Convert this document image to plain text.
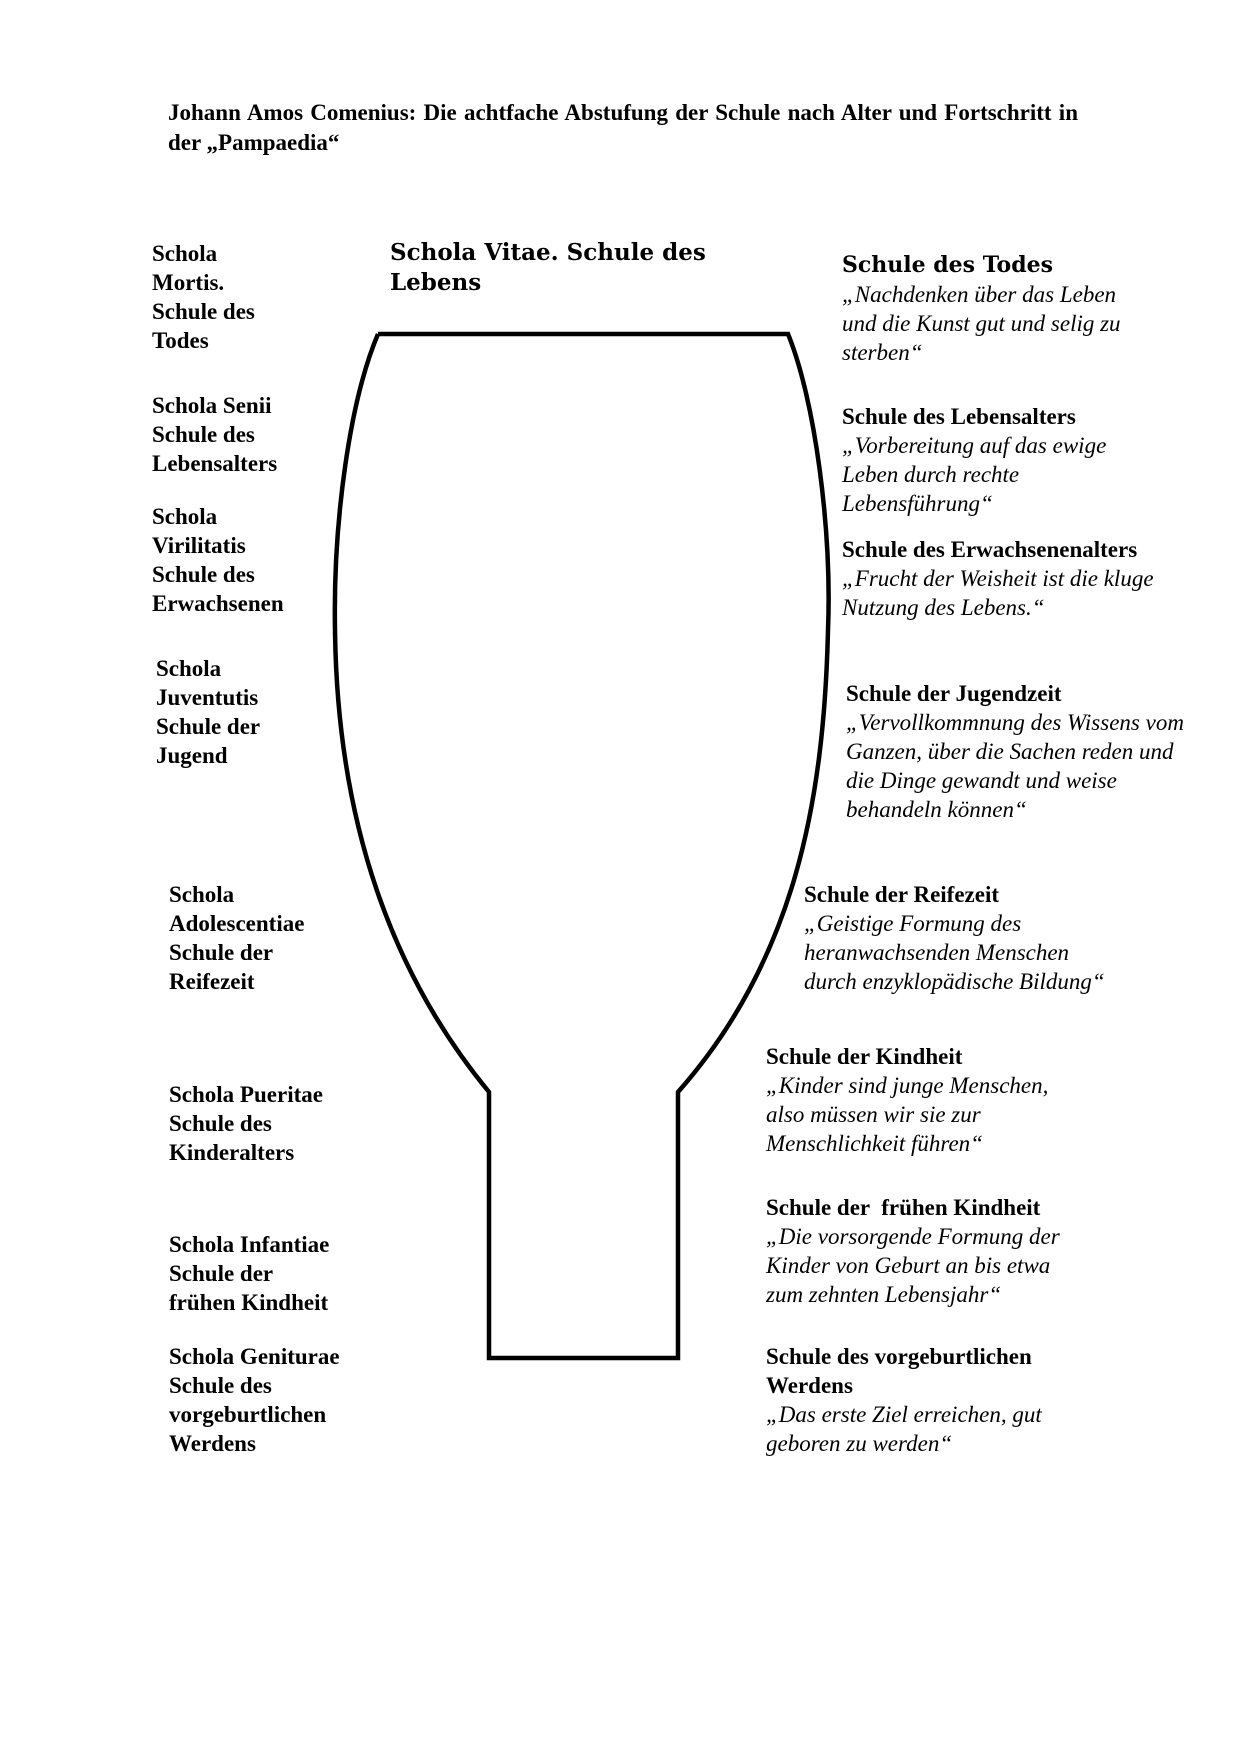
Johann Amos Comenius: Die achtfache Abstufung der Schule nach Alter und Fortschritt in der „Pampaedia“
Schola Vitae. Schule des Lebens
Schola
Mortis.
Schule des
Todes
Schola Senii
Schule des
Lebensalters
Schola
Virilitatis
Schule des
Erwachsenen
Schola
Juventutis
Schule der
Jugend
Schola
Adolescentiae
Schule der
Reifezeit
Schola Pueritae
Schule des
Kinderalters
Schola Infantiae
Schule der
frühen Kindheit
Schola Geniturae
Schule des
vorgeburtlichen
Werdens
Schule des Todes
„Nachdenken über das Leben
und die Kunst gut und selig zu
sterben“
Schule des Lebensalters
„Vorbereitung auf das ewige
Leben durch rechte
Lebensführung“
Schule des Erwachsenenalters
„Frucht der Weisheit ist die kluge
Nutzung des Lebens.“
Schule der Jugendzeit
„Vervollkommnung des Wissens vom
Ganzen, über die Sachen reden und
die Dinge gewandt und weise
behandeln können“
Schule der Reifezeit
„Geistige Formung des
heranwachsenden Menschen
durch enzyklopädische Bildung“
Schule der Kindheit
„Kinder sind junge Menschen,
also müssen wir sie zur
Menschlichkeit führen“
Schule der  frühen Kindheit
„Die vorsorgende Formung der
Kinder von Geburt an bis etwa
zum zehnten Lebensjahr“
Schule des vorgeburtlichen
Werdens
„Das erste Ziel erreichen, gut
geboren zu werden“
